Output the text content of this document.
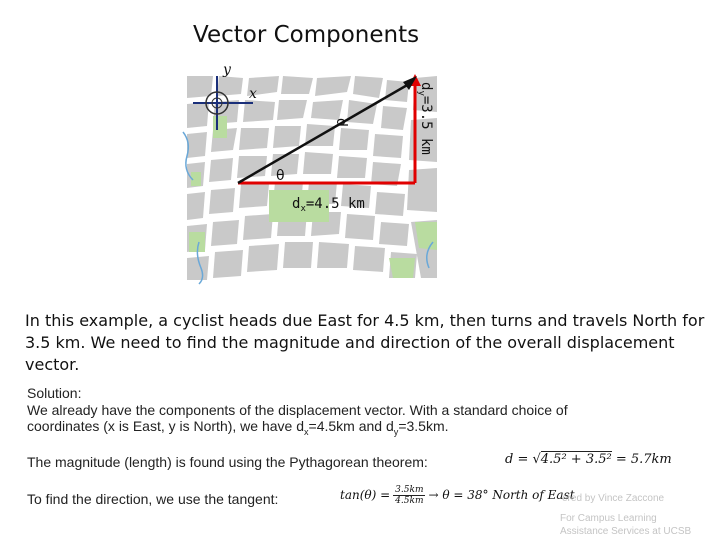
Vector Components
y
x
d
θ
$d_x=4.5$ km
$d_y=3.5$ km
In this example, a cyclist heads due East for 4.5 km, then turns and travels North for 3.5 km. We need to find the magnitude and direction of the overall displacement vector.
Solution:
We already have the components of the displacement vector. With a standard choice of
coordinates (x is East, y is North), we have $d_x=4.5km$ and $d_y=3.5km$.
The magnitude (length) is found using the Pythagorean theorem:	d = √4.5² + 3.5² = 5.7km
To find the direction, we use the tangent:	$\tan(\theta) = \frac{3.5km}{4.5km} \to \theta = 38^\circ$ North of East
ered by Vince Zaccone
For Campus Learning
Assistance Services at UCSB
